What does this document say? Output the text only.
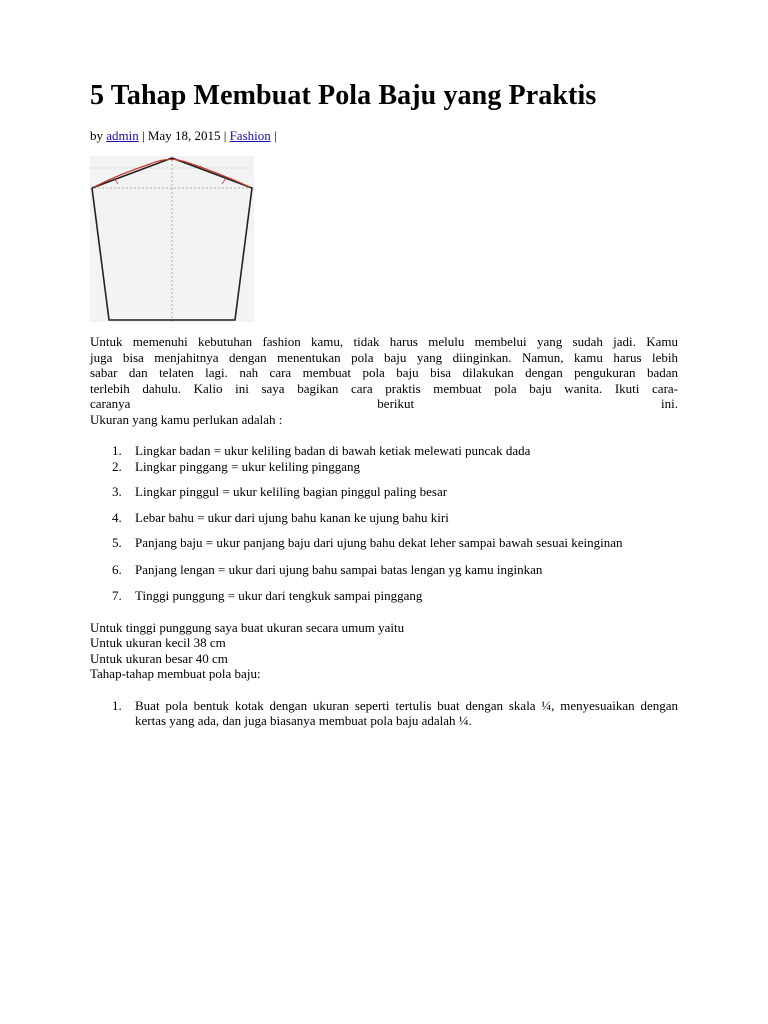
5 Tahap Membuat Pola Baju yang Praktis
by admin | May 18, 2015 | Fashion |
Untuk memenuhi kebutuhan fashion kamu, tidak harus melulu membelui yang sudah jadi. Kamu
juga bisa menjahitnya dengan menentukan pola baju yang diinginkan. Namun, kamu harus lebih
sabar dan telaten lagi. nah cara membuat pola baju bisa dilakukan dengan pengukuran badan
terlebih dahulu. Kalio ini saya bagikan cara praktis membuat pola baju wanita. Ikuti cara-
caranya berikut ini.
Ukuran yang kamu perlukan adalah :
1. Lingkar badan = ukur keliling badan di bawah ketiak melewati puncak dada
2. Lingkar pinggang = ukur keliling pinggang
3. Lingkar pinggul = ukur keliling bagian pinggul paling besar
4. Lebar bahu = ukur dari ujung bahu kanan ke ujung bahu kiri
5. Panjang baju = ukur panjang baju dari ujung bahu dekat leher sampai bawah sesuai keinginan
6. Panjang lengan = ukur dari ujung bahu sampai batas lengan yg kamu inginkan
7. Tinggi punggung = ukur dari tengkuk sampai pinggang
Untuk tinggi punggung saya buat ukuran secara umum yaitu
Untuk ukuran kecil 38 cm
Untuk ukuran besar 40 cm
Tahap-tahap membuat pola baju:
1. Buat pola bentuk kotak dengan ukuran seperti tertulis buat dengan skala ¼, menyesuaikan dengan kertas yang ada, dan juga biasanya membuat pola baju adalah ¼.
